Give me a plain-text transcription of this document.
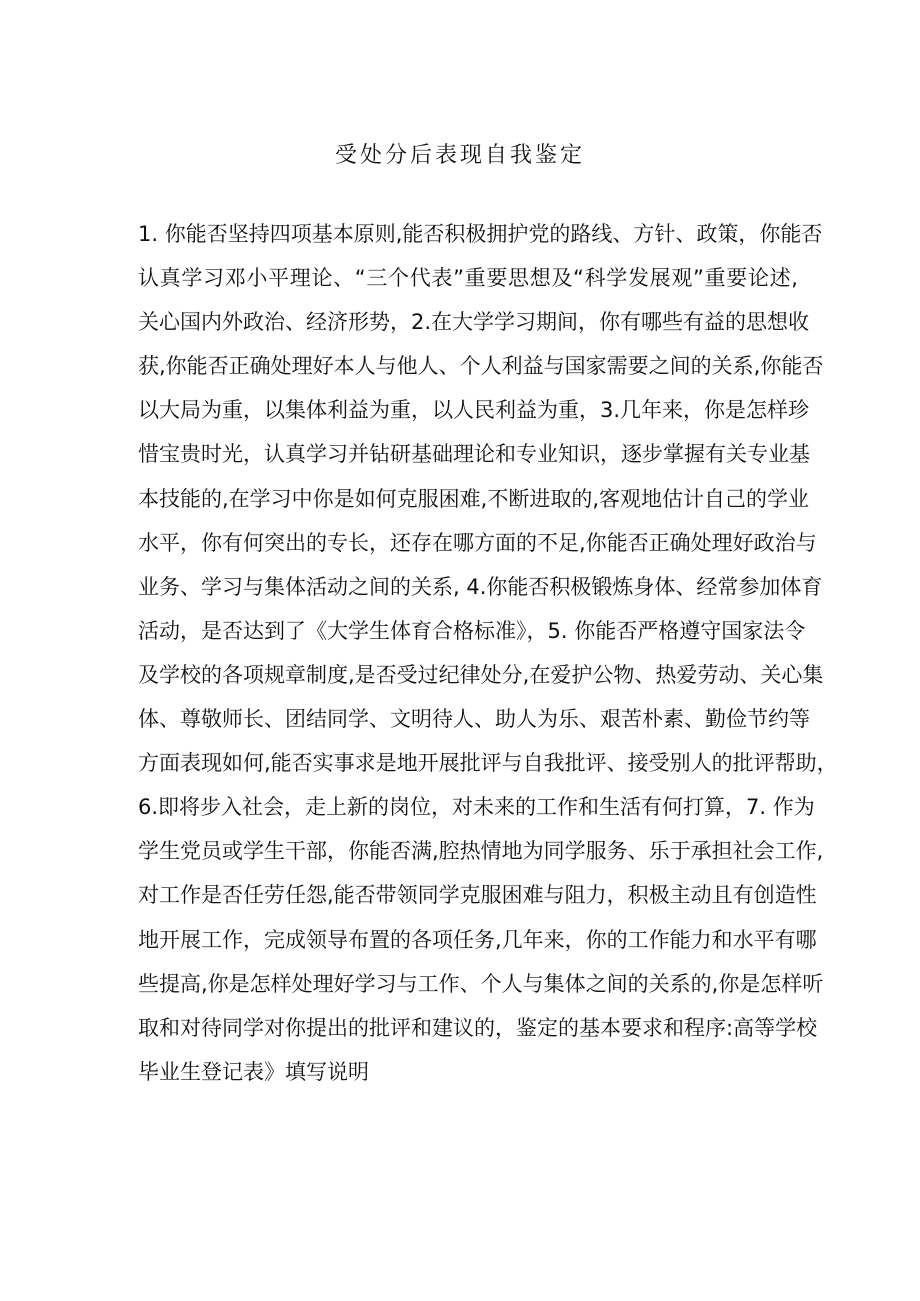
受处分后表现自我鉴定
1. 你能否坚持四项基本原则,能否积极拥护党的路线、方针、政策，你能否
认真学习邓小平理论、“三个代表”重要思想及“科学发展观”重要论述,
关心国内外政治、经济形势，2.在大学学习期间，你有哪些有益的思想收
获,你能否正确处理好本人与他人、个人利益与国家需要之间的关系,你能否
以大局为重，以集体利益为重，以人民利益为重，3.几年来，你是怎样珍
惜宝贵时光，认真学习并钻研基础理论和专业知识，逐步掌握有关专业基
本技能的,在学习中你是如何克服困难,不断进取的,客观地估计自己的学业
水平，你有何突出的专长，还存在哪方面的不足,你能否正确处理好政治与
业务、学习与集体活动之间的关系, 4.你能否积极锻炼身体、经常参加体育
活动，是否达到了《大学生体育合格标准》，5. 你能否严格遵守国家法令
及学校的各项规章制度,是否受过纪律处分,在爱护公物、热爱劳动、关心集
体、尊敬师长、团结同学、文明待人、助人为乐、艰苦朴素、勤俭节约等
方面表现如何,能否实事求是地开展批评与自我批评、接受别人的批评帮助，
6.即将步入社会，走上新的岗位，对未来的工作和生活有何打算，7. 作为
学生党员或学生干部，你能否满,腔热情地为同学服务、乐于承担社会工作,
对工作是否任劳任怨,能否带领同学克服困难与阻力，积极主动且有创造性
地开展工作，完成领导布置的各项任务,几年来，你的工作能力和水平有哪
些提高,你是怎样处理好学习与工作、个人与集体之间的关系的,你是怎样听
取和对待同学对你提出的批评和建议的，鉴定的基本要求和程序:高等学校
毕业生登记表》填写说明
